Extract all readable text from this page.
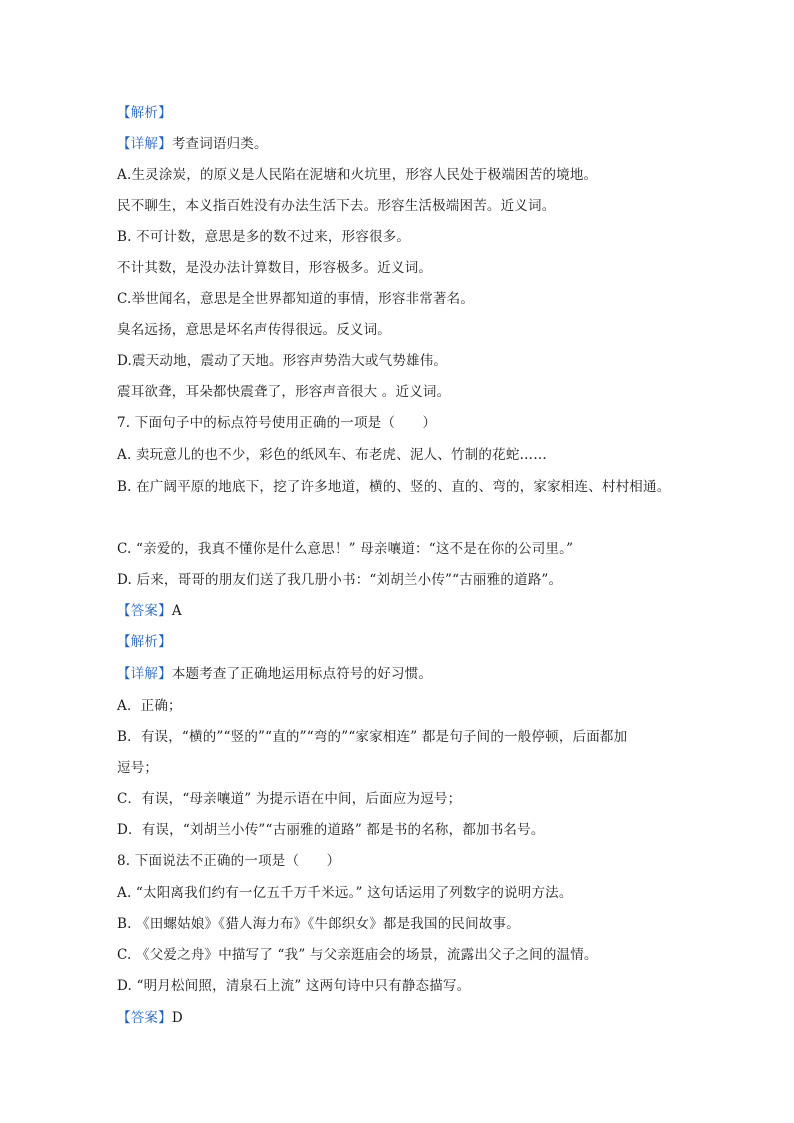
【解析】
【详解】考查词语归类。
A.生灵涂炭，的原义是人民陷在泥塘和火坑里，形容人民处于极端困苦的境地。
民不聊生，本义指百姓没有办法生活下去。形容生活极端困苦。近义词。
B. 不可计数，意思是多的数不过来，形容很多。
不计其数，是没办法计算数目，形容极多。近义词。
C.举世闻名，意思是全世界都知道的事情，形容非常著名。
臭名远扬，意思是坏名声传得很远。反义词。
D.震天动地，震动了天地。形容声势浩大或气势雄伟。
震耳欲聋，耳朵都快震聋了，形容声音很大 。近义词。
7. 下面句子中的标点符号使用正确的一项是（　　）
A. 卖玩意儿的也不少，彩色的纸风车、布老虎、泥人、竹制的花蛇……
B. 在广阔平原的地底下，挖了许多地道，横的、竖的、直的、弯的，家家相连、村村相通。
C. “亲爱的，我真不懂你是什么意思！” 母亲嚷道：“这不是在你的公司里。”
D. 后来，哥哥的朋友们送了我几册小书：“刘胡兰小传”“古丽雅的道路”。
【答案】A
【解析】
【详解】本题考查了正确地运用标点符号的好习惯。
A．正确；
B．有误，“横的”“竖的”“直的”“弯的”“家家相连” 都是句子间的一般停顿，后面都加
逗号；
C．有误，“母亲嚷道” 为提示语在中间，后面应为逗号；
D．有误，“刘胡兰小传”“古丽雅的道路” 都是书的名称，都加书名号。
8. 下面说法不正确的一项是（　　）
A. “太阳离我们约有一亿五千万千米远。” 这句话运用了列数字的说明方法。
B. 《田螺姑娘》《猎人海力布》《牛郎织女》都是我国的民间故事。
C. 《父爱之舟》中描写了 “我” 与父亲逛庙会的场景，流露出父子之间的温情。
D. “明月松间照，清泉石上流” 这两句诗中只有静态描写。
【答案】D
